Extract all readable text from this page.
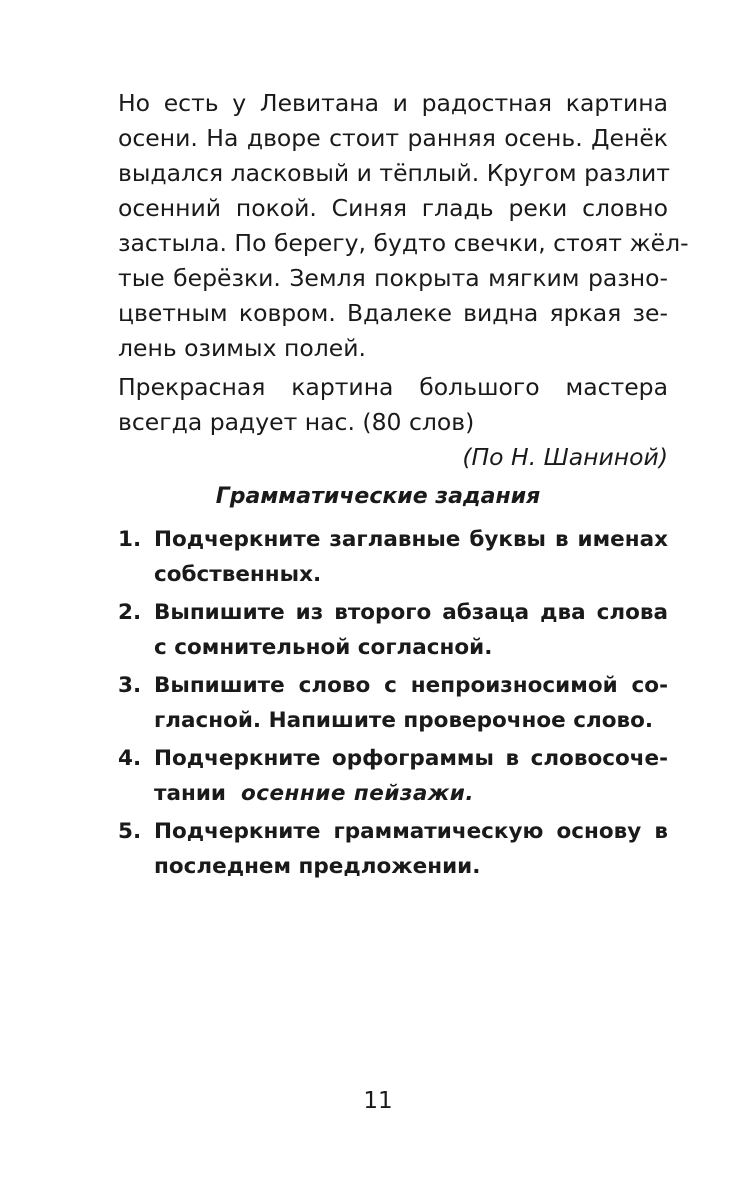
Но есть у Левитана и радостная картина
осени. На дворе стоит ранняя осень. Денёк
выдался ласковый и тёплый. Кругом разлит
осенний покой. Синяя гладь реки словно
застыла. По берегу, будто свечки, стоят жёл-
тые берёзки. Земля покрыта мягким разно-
цветным ковром. Вдалеке видна яркая зе-
лень озимых полей.

Прекрасная картина большого мастера
всегда радует нас. (80 слов)

(По Н. Шаниной)

Грамматические задания

1. Подчеркните заглавные буквы в именах
собственных.
2. Выпишите из второго абзаца два слова
с сомнительной согласной.
3. Выпишите слово с непроизносимой со-
гласной. Напишите проверочное слово.
4. Подчеркните орфограммы в словосоче-
тании осенние пейзажи.
5. Подчеркните грамматическую основу в
последнем предложении.

11
